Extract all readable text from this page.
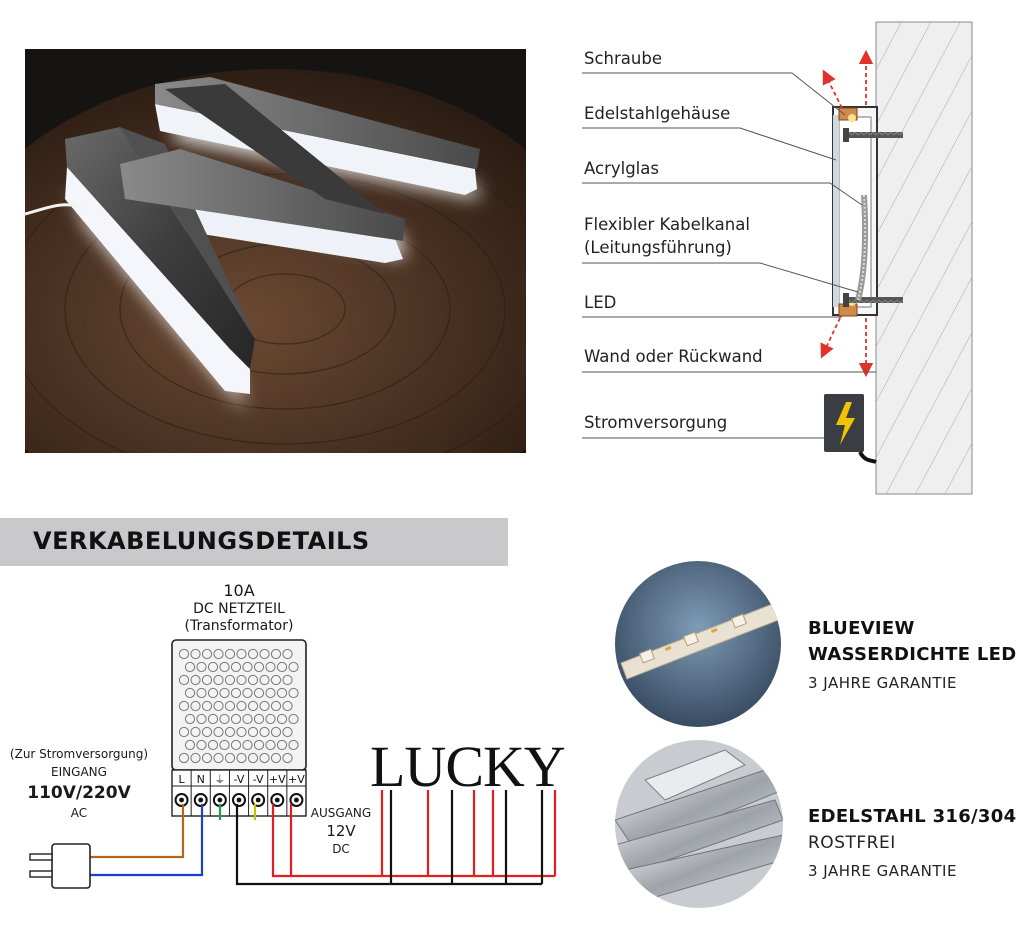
Schraube
Edelstahlgehäuse
Acrylglas
Flexibler Kabelkanal
(Leitungsführung)
LED
Wand oder Rückwand
Stromversorgung
VERKABELUNGSDETAILS
10A
DC NETZTEIL
(Transformator)
L N ⏚ -V -V +V +V LUCKY
(Zur Stromversorgung)
EINGANG
110V/220V
AC	AUSGANG
12V
DC
BLUEVIEW
WASSERDICHTE LED
3 JAHRE GARANTIE
EDELSTAHL 316/304
ROSTFREI
3 JAHRE GARANTIE
